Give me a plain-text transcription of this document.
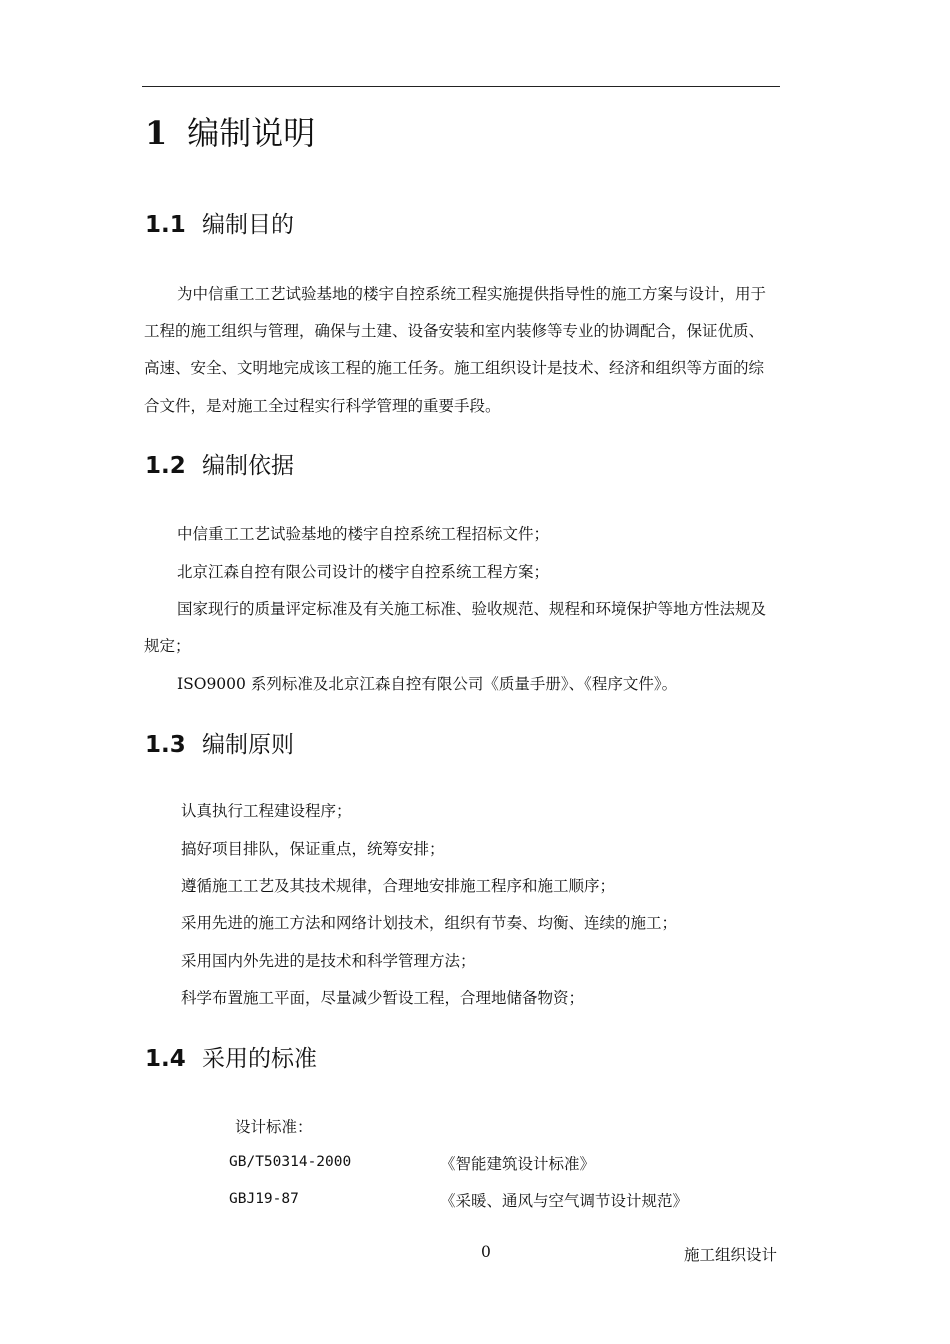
1 编制说明
1.1 编制目的
为中信重工工艺试验基地的楼宇自控系统工程实施提供指导性的施工方案与设计，用于
工程的施工组织与管理，确保与土建、设备安装和室内装修等专业的协调配合，保证优质、
高速、安全、文明地完成该工程的施工任务。施工组织设计是技术、经济和组织等方面的综
合文件，是对施工全过程实行科学管理的重要手段。
1.2 编制依据
中信重工工艺试验基地的楼宇自控系统工程招标文件；
北京江森自控有限公司设计的楼宇自控系统工程方案；
国家现行的质量评定标准及有关施工标准、验收规范、规程和环境保护等地方性法规及
规定；
ISO9000 系列标准及北京江森自控有限公司《质量手册》、《程序文件》。
1.3 编制原则
认真执行工程建设程序；
搞好项目排队，保证重点，统筹安排；
遵循施工工艺及其技术规律，合理地安排施工程序和施工顺序；
采用先进的施工方法和网络计划技术，组织有节奏、均衡、连续的施工；
采用国内外先进的是技术和科学管理方法；
科学布置施工平面，尽量减少暂设工程，合理地储备物资；
1.4 采用的标准
设计标准：
GB/T50314-2000	《智能建筑设计标准》
GBJ19-87	《采暖、通风与空气调节设计规范》
0	施工组织设计
